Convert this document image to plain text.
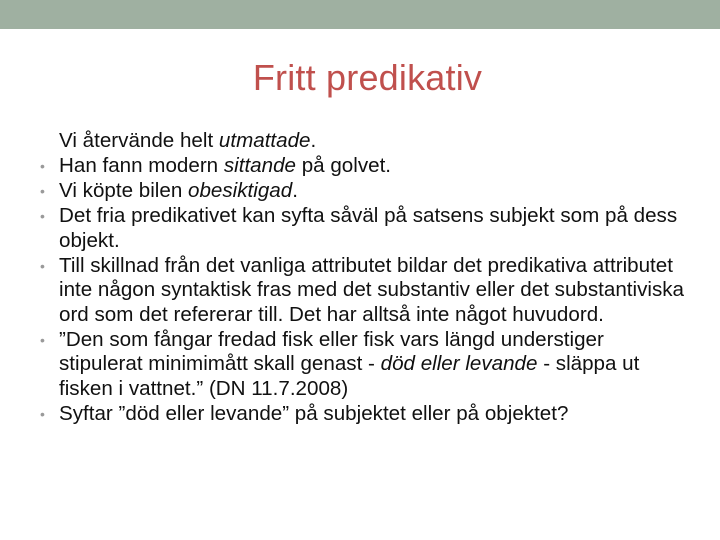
Fritt predikativ
Vi återvände helt utmattade.
• Han fann modern sittande på golvet.
• Vi köpte bilen obesiktigad.
• Det fria predikativet kan syfta såväl på satsens subjekt som på dess objekt.
• Till skillnad från det vanliga attributet bildar det predikativa attributet inte någon syntaktisk fras med det substantiv eller det substantiviska ord som det refererar till. Det har alltså inte något huvudord.
• ”Den som fångar fredad fisk eller fisk vars längd understiger stipulerat minimimått skall genast - död eller levande - släppa ut fisken i vattnet.” (DN 11.7.2008)
• Syftar ”död eller levande” på subjektet eller på objektet?
